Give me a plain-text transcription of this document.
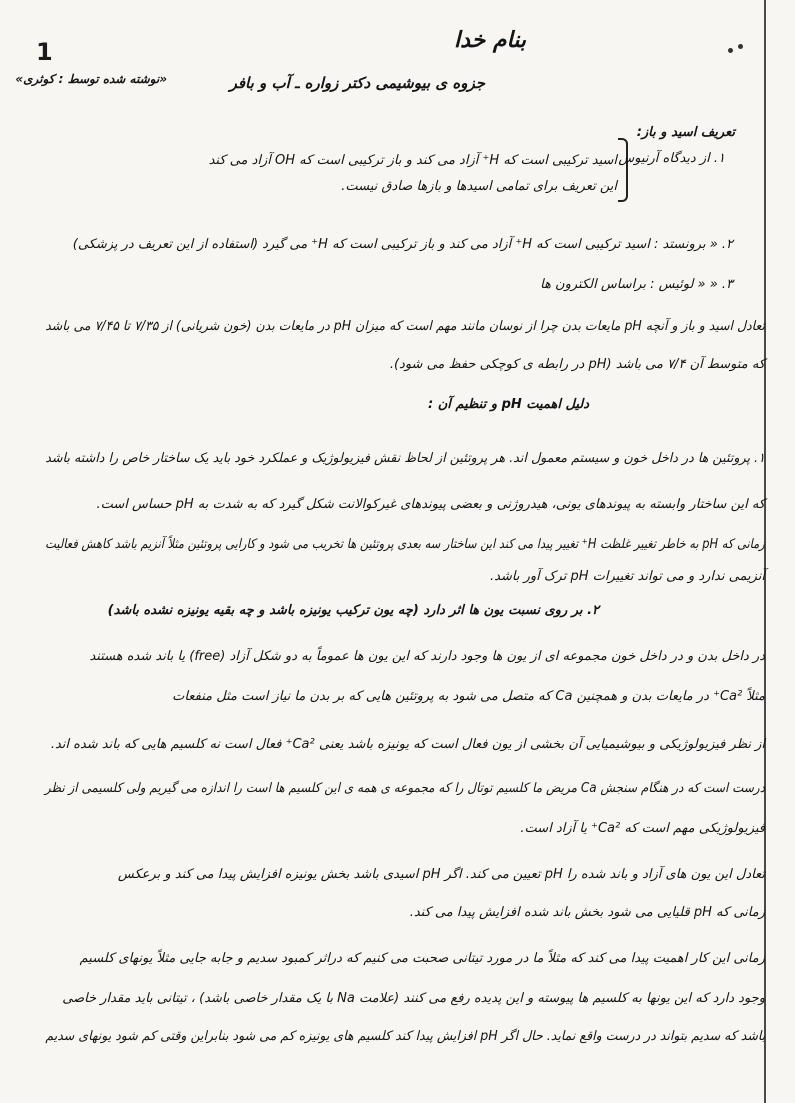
1	بنام خدا
جزوه ی بیوشیمی دکتر زواره ـ آب و بافر
«نوشته شده توسط : کوثری»
تعریف اسید و باز:
۱. از دیدگاه آرنیوس
اسید ترکیبی است که H⁺ آزاد می کند و باز ترکیبی است که OH آزاد می کند
این تعریف برای تمامی اسیدها و بازها صادق نیست.
۲. « برونستد : اسید ترکیبی است که H⁺ آزاد می کند و باز ترکیبی است که H⁺ می گیرد (استفاده از این تعریف در پزشکی)
۳. « « لوئیس : براساس الکترون ها
تعادل اسید و باز و آنچه pH مایعات بدن چرا از نوسان مانند مهم است که میزان pH در مایعات بدن (خون شریانی) از ۷/۳۵ تا ۷/۴۵ می باشد
که متوسط آن ۷/۴ می باشد (pH در رابطه ی کوچکی حفظ می شود).
دلیل اهمیت pH و تنظیم آن :
۱. پروتئین ها در داخل خون و سیستم معمول اند. هر پروتئین از لحاظ نقش فیزیولوژیک و عملکرد خود باید یک ساختار خاص را داشته باشد
که این ساختار وابسته به پیوندهای یونی، هیدروژنی و بعضی پیوندهای غیرکوالانت شکل گیرد که به شدت به pH حساس است.
زمانی که pH به خاطر تغییر غلظت H⁺ تغییر پیدا می کند این ساختار سه بعدی پروتئین ها تخریب می شود و کارایی پروتئین مثلاً آنزیم باشد کاهش فعالیت
آنزیمی ندارد و می تواند تغییرات pH ترک آور باشد.
۲. بر روی نسبت یون ها اثر دارد (چه یون ترکیب یونیزه باشد و چه بقیه یونیزه نشده باشد)
در داخل بدن و در داخل خون مجموعه ای از یون ها وجود دارند که این یون ها عموماً به دو شکل آزاد (free) یا باند شده هستند
مثلاً Ca²⁺ در مایعات بدن و همچنین Ca که متصل می شود به پروتئین هایی که بر بدن ما نیاز است مثل منفعات
از نظر فیزیولوژیکی و بیوشیمیایی آن بخشی از یون فعال است که یونیزه باشد یعنی Ca²⁺ فعال است نه کلسیم هایی که باند شده اند.
درست است که در هنگام سنجش Ca مریض ما کلسیم توتال را که مجموعه ی همه ی این کلسیم ها است را اندازه می گیریم ولی کلسیمی از نظر
فیزیولوژیکی مهم است که Ca²⁺ یا آزاد است.
تعادل این یون های آزاد و باند شده را pH تعیین می کند. اگر pH اسیدی باشد بخش یونیزه افزایش پیدا می کند و برعکس
زمانی که pH قلیایی می شود بخش باند شده افزایش پیدا می کند.
زمانی این کار اهمیت پیدا می کند که مثلاً ما در مورد تیتانی صحبت می کنیم که دراثر کمبود سدیم و جابه جایی مثلاً یونهای کلسیم
وجود دارد که این یونها به کلسیم ها پیوسته و این پدیده رفع می کنند (علامت Na با یک مقدار خاصی باشد) ، تیتانی باید مقدار خاصی
باشد که سدیم بتواند در درست واقع نماید. حال اگر pH افزایش پیدا کند کلسیم های یونیزه کم می شود بنابراین وقتی کم شود یونهای سدیم
